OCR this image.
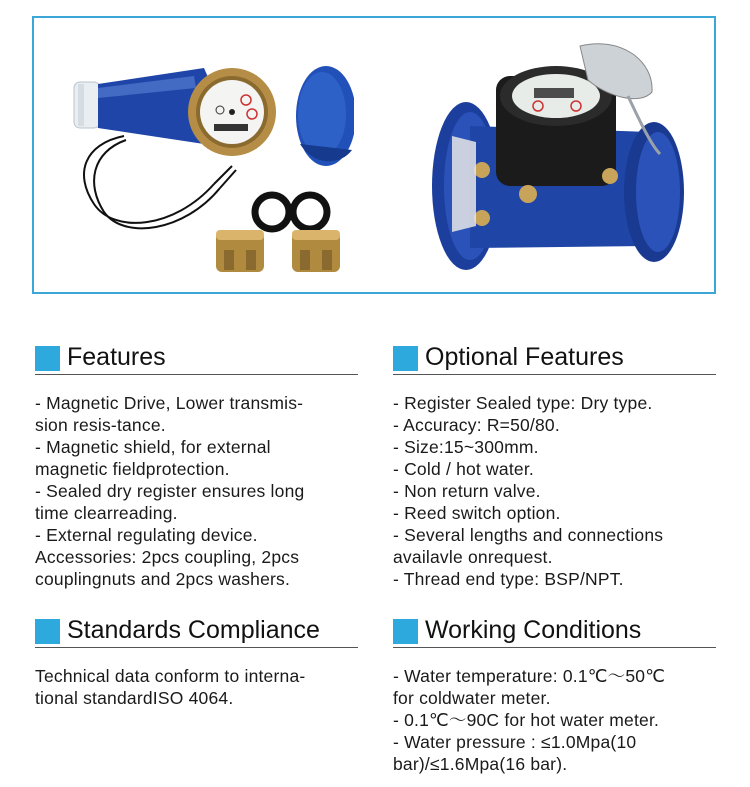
Features
- Magnetic Drive, Lower transmis-
sion resis-tance.
- Magnetic shield, for external
magnetic fieldprotection.
- Sealed dry register ensures long
time clearreading.
- External regulating device.
Accessories: 2pcs coupling, 2pcs
couplingnuts and 2pcs washers.
Optional Features
- Register Sealed type: Dry type.
- Accuracy: R=50/80.
- Size:15~300mm.
- Cold / hot water.
- Non return valve.
- Reed switch option.
- Several lengths and connections
availavle onrequest.
- Thread end type: BSP/NPT.
Standards Compliance
Technical data conform to interna-
tional standardISO 4064.
Working Conditions
- Water temperature: 0.1℃～50℃
for coldwater meter.
- 0.1℃～90C for hot water meter.
- Water pressure : ≤1.0Mpa(10
bar)/≤1.6Mpa(16 bar).
